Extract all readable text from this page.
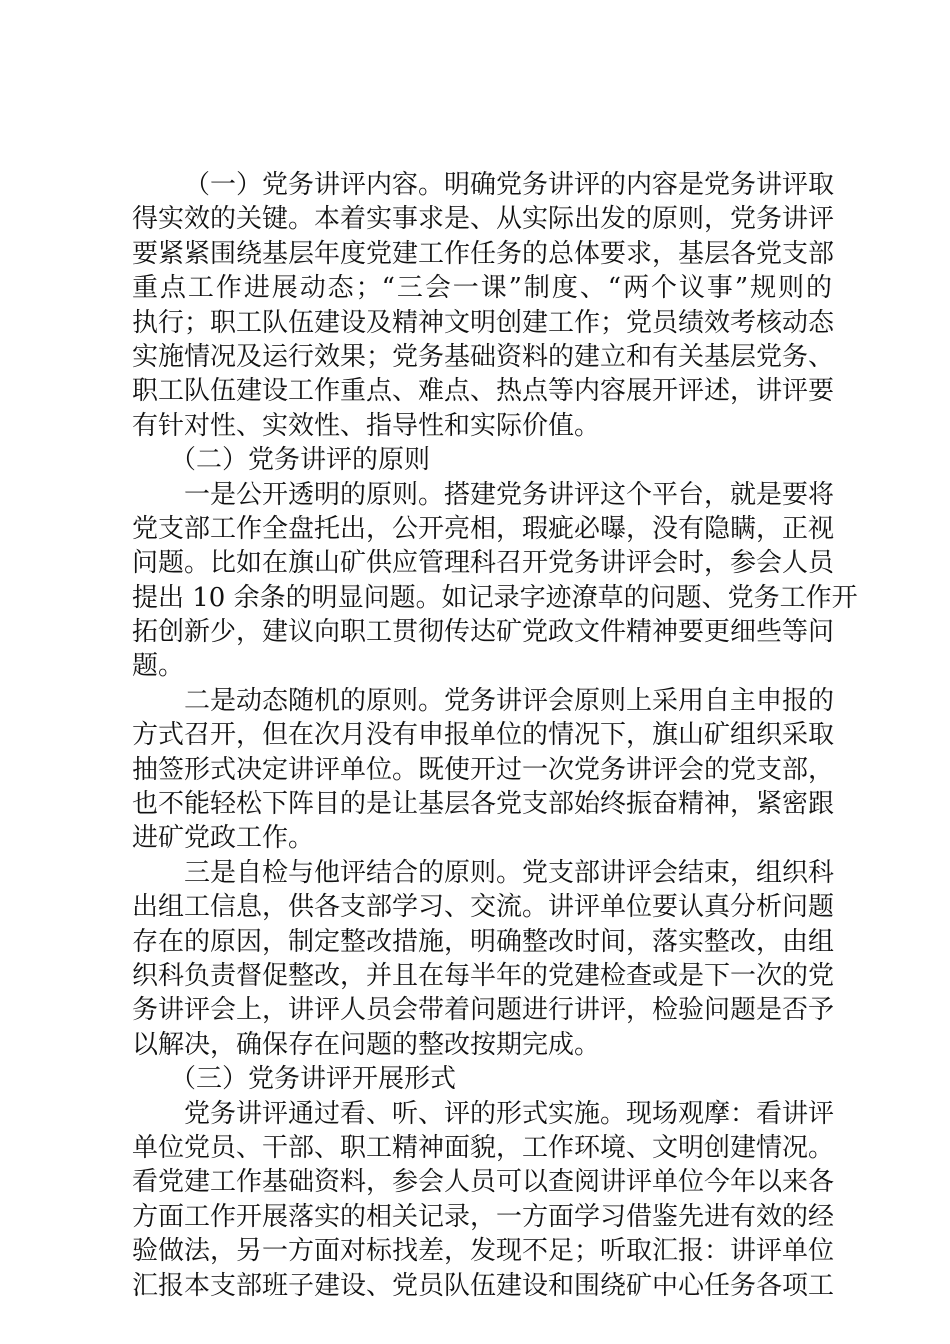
（一）党务讲评内容。明确党务讲评的内容是党务讲评取
得实效的关键。本着实事求是、从实际出发的原则，党务讲评
要紧紧围绕基层年度党建工作任务的总体要求，基层各党支部
重点工作进展动态；“三会一课”制度、“两个议事”规则的
执行；职工队伍建设及精神文明创建工作；党员绩效考核动态
实施情况及运行效果；党务基础资料的建立和有关基层党务、
职工队伍建设工作重点、难点、热点等内容展开评述，讲评要
有针对性、实效性、指导性和实际价值。
（二）党务讲评的原则
一是公开透明的原则。搭建党务讲评这个平台，就是要将
党支部工作全盘托出，公开亮相，瑕疵必曝，没有隐瞒，正视
问题。比如在旗山矿供应管理科召开党务讲评会时，参会人员
提出 10 余条的明显问题。如记录字迹潦草的问题、党务工作开
拓创新少，建议向职工贯彻传达矿党政文件精神要更细些等问
题。
二是动态随机的原则。党务讲评会原则上采用自主申报的
方式召开，但在次月没有申报单位的情况下，旗山矿组织采取
抽签形式决定讲评单位。既使开过一次党务讲评会的党支部，
也不能轻松下阵目的是让基层各党支部始终振奋精神，紧密跟
进矿党政工作。
三是自检与他评结合的原则。党支部讲评会结束，组织科
出组工信息，供各支部学习、交流。讲评单位要认真分析问题
存在的原因，制定整改措施，明确整改时间，落实整改，由组
织科负责督促整改，并且在每半年的党建检查或是下一次的党
务讲评会上，讲评人员会带着问题进行讲评，检验问题是否予
以解决，确保存在问题的整改按期完成。
（三）党务讲评开展形式
党务讲评通过看、听、评的形式实施。现场观摩：看讲评
单位党员、干部、职工精神面貌，工作环境、文明创建情况。
看党建工作基础资料，参会人员可以查阅讲评单位今年以来各
方面工作开展落实的相关记录，一方面学习借鉴先进有效的经
验做法，另一方面对标找差，发现不足；听取汇报：讲评单位
汇报本支部班子建设、党员队伍建设和围绕矿中心任务各项工
